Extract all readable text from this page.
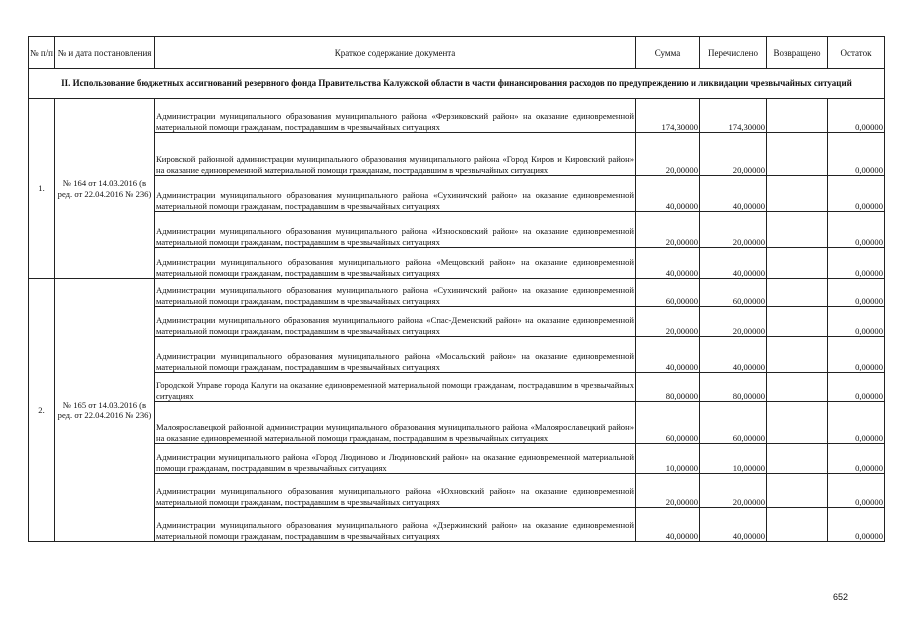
№ п/п	№ и дата постановления	Краткое содержание документа	Сумма	Перечислено	Возвращено	Остаток
II. Использование бюджетных ассигнований резервного фонда Правительства Калужской области в части финансирования расходов по предупреждению и ликвидации чрезвычайных ситуаций						
1.	№ 164 от 14.03.2016 (в ред. от 22.04.2016 № 236)	Администрации муниципального образования муниципального района «Ферзиковский район» на оказание единовременной материальной помощи гражданам, пострадавшим в чрезвычайных ситуациях	174,30000	174,30000		0,00000
		Кировской районной администрации муниципального образования муниципального района «Город Киров и Кировский район» на оказание единовременной материальной помощи гражданам, пострадавшим в чрезвычайных ситуациях	20,00000	20,00000		0,00000
		Администрации муниципального образования муниципального района «Сухиничский район» на оказание единовременной материальной помощи гражданам, пострадавшим в чрезвычайных ситуациях	40,00000	40,00000		0,00000
		Администрации муниципального образования муниципального района «Износковский район» на оказание единовременной материальной помощи гражданам, пострадавшим в чрезвычайных ситуациях	20,00000	20,00000		0,00000
		Администрации муниципального образования муниципального района «Мещовский район» на оказание единовременной материальной помощи гражданам, пострадавшим в чрезвычайных ситуациях	40,00000	40,00000		0,00000
2.	№ 165 от 14.03.2016 (в ред. от 22.04.2016 № 236)	Администрации муниципального образования муниципального района «Сухиничский район» на оказание единовременной материальной помощи гражданам, пострадавшим в чрезвычайных ситуациях	60,00000	60,00000		0,00000
		Администрации муниципального образования муниципального района «Спас-Деменский район» на оказание единовременной материальной помощи гражданам, пострадавшим в чрезвычайных ситуациях	20,00000	20,00000		0,00000
		Администрации муниципального образования муниципального района «Мосальский район» на оказание единовременной материальной помощи гражданам, пострадавшим в чрезвычайных ситуациях	40,00000	40,00000		0,00000
		Городской Управе города Калуги на оказание единовременной материальной помощи гражданам, пострадавшим в чрезвычайных ситуациях	80,00000	80,00000		0,00000
		Малоярославецкой районной администрации муниципального образования муниципального района «Малоярославецкий район» на оказание единовременной материальной помощи гражданам, пострадавшим в чрезвычайных ситуациях	60,00000	60,00000		0,00000
		Администрации муниципального района «Город Людиново и Людиновский район» на оказание единовременной материальной помощи гражданам, пострадавшим в чрезвычайных ситуациях	10,00000	10,00000		0,00000
		Администрации муниципального образования муниципального района «Юхновский район» на оказание единовременной материальной помощи гражданам, пострадавшим в чрезвычайных ситуациях	20,00000	20,00000		0,00000
		Администрации муниципального образования муниципального района «Дзержинский район» на оказание единовременной материальной помощи гражданам, пострадавшим в чрезвычайных ситуациях	40,00000	40,00000		0,00000
652
